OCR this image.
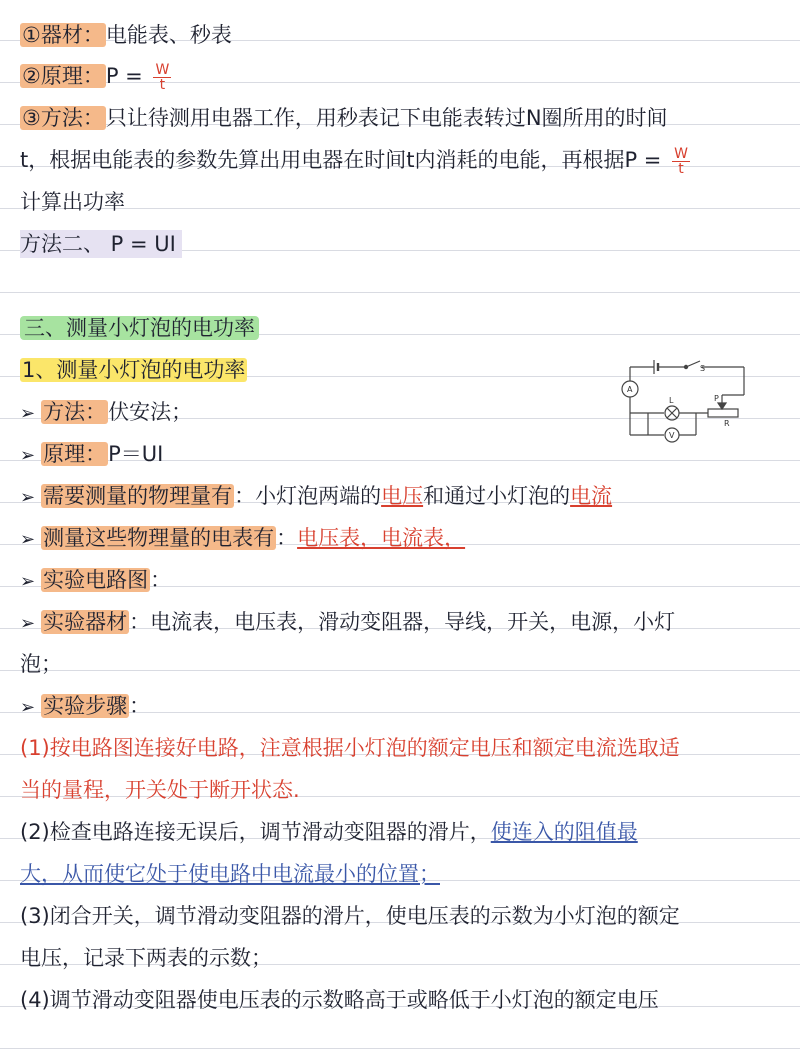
①器材：电能表、秒表
②原理：$P = \frac{W}{t}$
③方法：只让待测用电器工作，用秒表记下电能表转过N圈所用的时间
t，根据电能表的参数先算出用电器在时间t内消耗的电能，再根据$P = \frac{W}{t}$
计算出功率
方法二、 P = UI
三、测量小灯泡的电功率
1、测量小灯泡的电功率
➢ 方法：伏安法；
➢ 原理：P＝UI
➢ 需要测量的物理量有：小灯泡两端的电压和通过小灯泡的电流
➢ 测量这些物理量的电表有：电压表，电流表，
➢ 实验电路图：
➢ 实验器材：电流表，电压表，滑动变阻器，导线，开关，电源，小灯
泡；
➢ 实验步骤：
(1)按电路图连接好电路，注意根据小灯泡的额定电压和额定电流选取适
当的量程，开关处于断开状态.
(2)检查电路连接无误后，调节滑动变阻器的滑片，使连入的阻值最
大，从而使它处于使电路中电流最小的位置；
(3)闭合开关，调节滑动变阻器的滑片，使电压表的示数为小灯泡的额定
电压，记录下两表的示数；
(4)调节滑动变阻器使电压表的示数略高于或略低于小灯泡的额定电压
A
V
L
S
P
R
